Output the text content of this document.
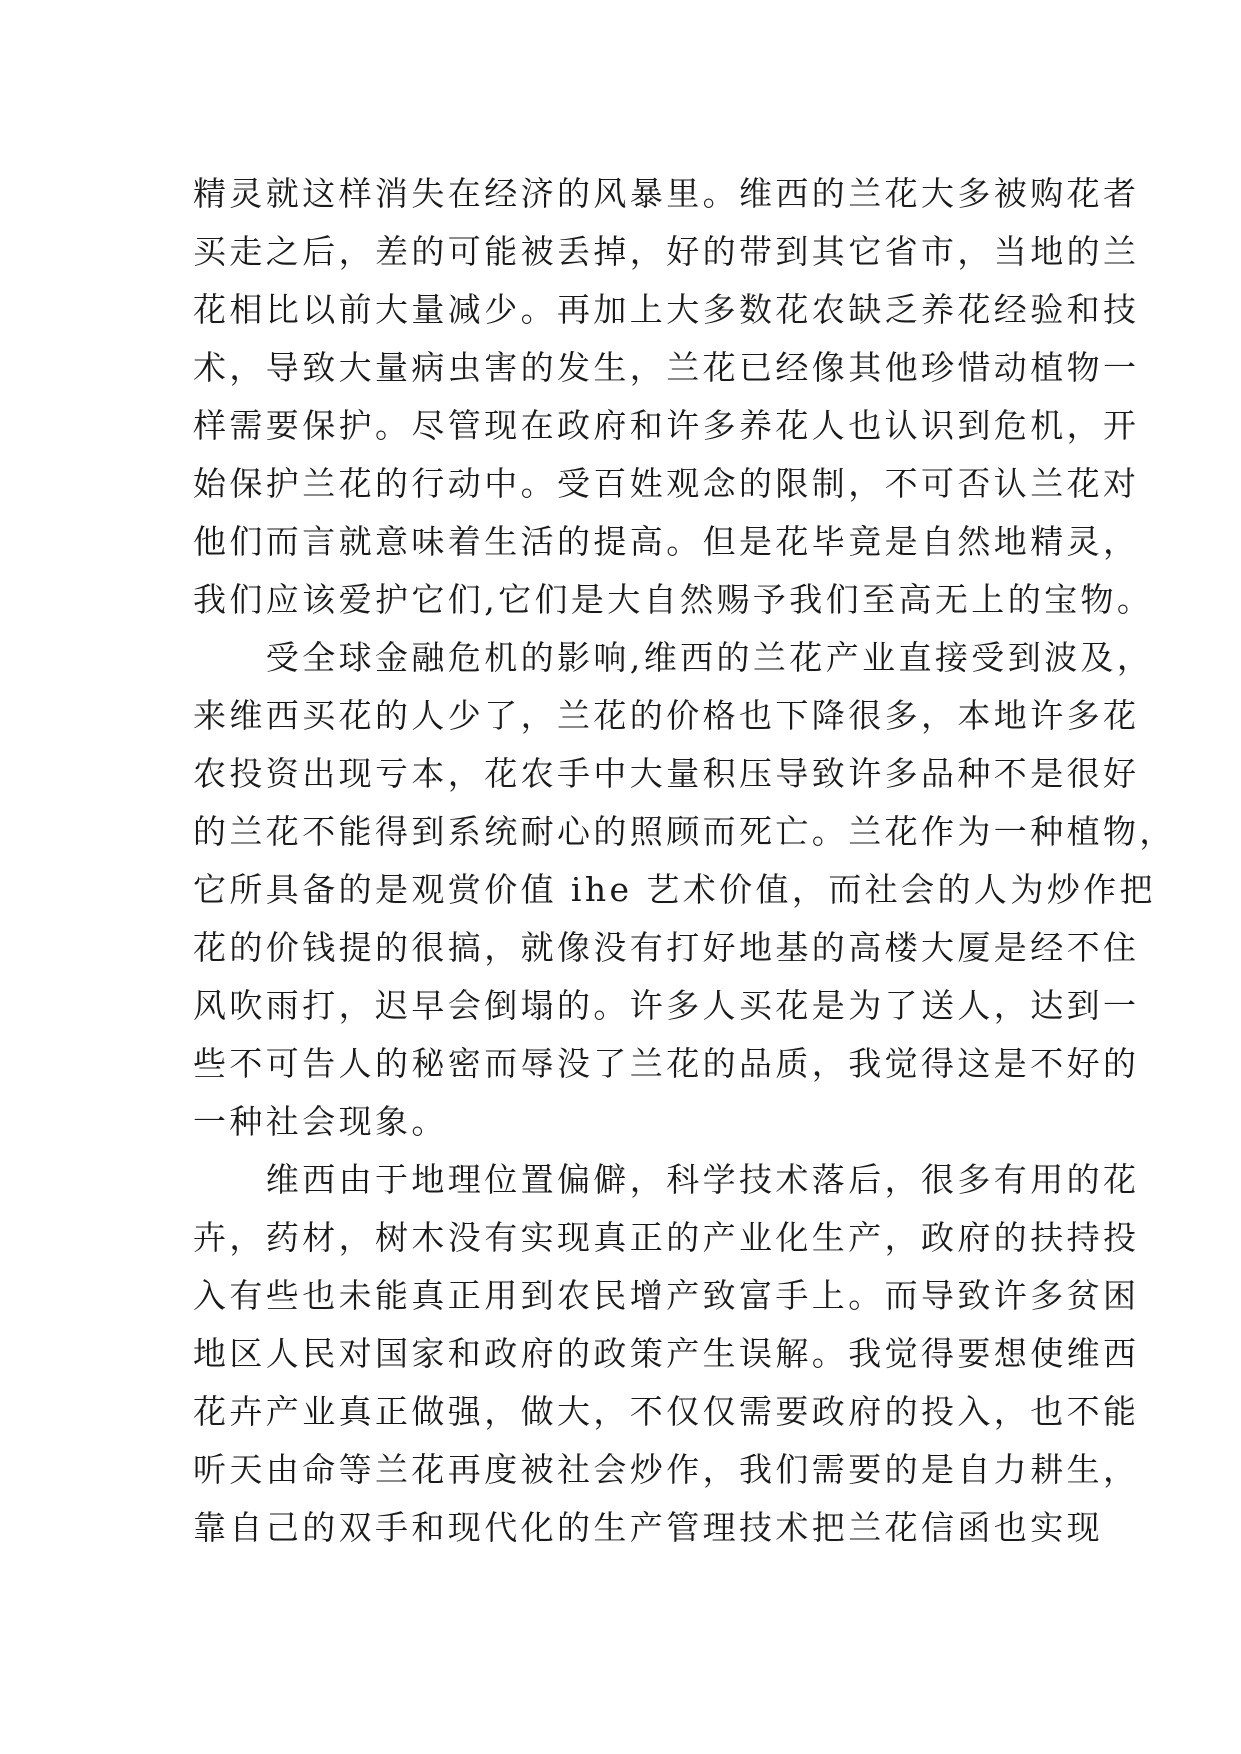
精灵就这样消失在经济的风暴里。维西的兰花大多被购花者
买走之后，差的可能被丢掉，好的带到其它省市，当地的兰
花相比以前大量减少。再加上大多数花农缺乏养花经验和技
术，导致大量病虫害的发生，兰花已经像其他珍惜动植物一
样需要保护。尽管现在政府和许多养花人也认识到危机，开
始保护兰花的行动中。受百姓观念的限制，不可否认兰花对
他们而言就意味着生活的提高。但是花毕竟是自然地精灵，
我们应该爱护它们,它们是大自然赐予我们至高无上的宝物。
　　受全球金融危机的影响,维西的兰花产业直接受到波及，
来维西买花的人少了，兰花的价格也下降很多，本地许多花
农投资出现亏本，花农手中大量积压导致许多品种不是很好
的兰花不能得到系统耐心的照顾而死亡。兰花作为一种植物，
它所具备的是观赏价值 ihe 艺术价值，而社会的人为炒作把
花的价钱提的很搞，就像没有打好地基的高楼大厦是经不住
风吹雨打，迟早会倒塌的。许多人买花是为了送人，达到一
些不可告人的秘密而辱没了兰花的品质，我觉得这是不好的
一种社会现象。
　　维西由于地理位置偏僻，科学技术落后，很多有用的花
卉，药材，树木没有实现真正的产业化生产，政府的扶持投
入有些也未能真正用到农民增产致富手上。而导致许多贫困
地区人民对国家和政府的政策产生误解。我觉得要想使维西
花卉产业真正做强，做大，不仅仅需要政府的投入，也不能
听天由命等兰花再度被社会炒作，我们需要的是自力耕生，
靠自己的双手和现代化的生产管理技术把兰花信函也实现
